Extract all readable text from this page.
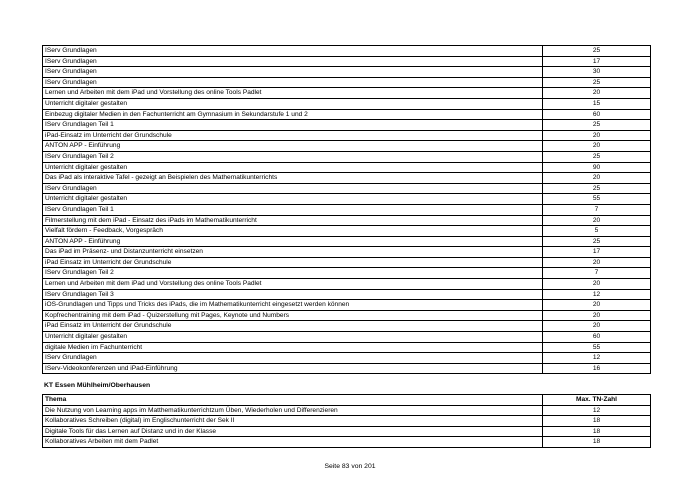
IServ Grundlagen	25
IServ Grundlagen	17
IServ Grundlagen	30
IServ Grundlagen	25
Lernen und Arbeiten mit dem iPad und Vorstellung des online Tools Padlet	20
Unterricht digitaler gestalten	15
Einbezug digitaler Medien in den Fachunterricht am Gymnasium in Sekundarstufe 1 und 2	60
IServ Grundlagen Teil 1	25
iPad-Einsatz im Unterricht der Grundschule	20
ANTON APP - Einführung	20
IServ Grundlagen Teil 2	25
Unterricht digitaler gestalten	90
Das iPad als interaktive Tafel - gezeigt an Beispielen des Mathematikunterrichts	20
IServ Grundlagen	25
Unterricht digitaler gestalten	55
IServ Grundlagen Teil 1	7
Filmerstellung mit dem iPad - Einsatz des iPads im Mathematikunterricht	20
Vielfalt fördern - Feedback, Vorgespräch	5
ANTON APP - Einführung	25
Das iPad im Präsenz- und Distanzunterricht einsetzen	17
iPad Einsatz im Unterricht der Grundschule	20
IServ Grundlagen Teil 2	7
Lernen und Arbeiten mit dem iPad und Vorstellung des online Tools Padlet	20
IServ Grundlagen Teil 3	12
iOS-Grundlagen und Tipps und Tricks des iPads, die im Mathematikunterricht eingesetzt werden können	20
Kopfrechentraining mit dem iPad - Quizerstellung mit Pages, Keynote und Numbers	20
iPad Einsatz im Unterricht der Grundschule	20
Unterricht digitaler gestalten	60
digitale Medien im Fachunterricht	55
IServ Grundlagen	12
IServ-Videokonferenzen und iPad-Einführung	16
KT Essen Mühlheim/Oberhausen
Thema	Max. TN-Zahl
Die Nutzung von Learning apps im Matthematikunterrichtzum Üben, Wiederholen und Differenzieren	12
Kollaboratives Schreiben (digital) im Englischunterricht der Sek II	18
Digitale Tools für das Lernen auf Distanz und in der Klasse	18
Kollaboratives Arbeiten mit dem Padlet	18
Seite 83 von 201
